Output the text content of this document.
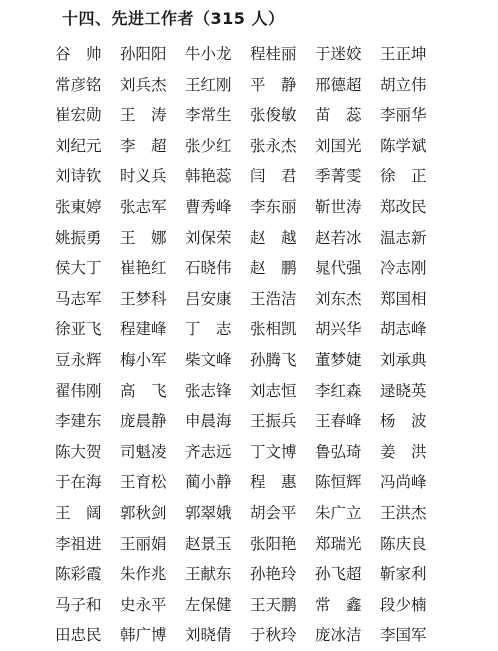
十四、先进工作者（315 人）
谷　帅	孙阳阳	牛小龙	程桂丽	于迷姣	王正坤
常彦铭	刘兵杰	王红刚	平　静	邢德超	胡立伟
崔宏勋	王　涛	李常生	张俊敏	苗　蕊	李丽华
刘纪元	李　超	张少红	张永杰	刘国光	陈学斌
刘诗钦	时义兵	韩艳蕊	闫　君	季菁雯	徐　正
张東婷	张志军	曹秀峰	李东丽	靳世涛	郑改民
姚振勇	王　娜	刘保荣	赵　越	赵若冰	温志新
侯大丁	崔艳红	石晓伟	赵　鹏	晁代强	冷志刚
马志军	王梦科	吕安康	王浩洁	刘东杰	郑国相
徐亚飞	程建峰	丁　志	张相凯	胡兴华	胡志峰
豆永辉	梅小军	柴文峰	孙腾飞	董梦婕	刘承典
翟伟刚	高　飞	张志锋	刘志恒	李红森	逯晓英
李建东	庞晨静	申晨海	王振兵	王春峰	杨　波
陈大贺	司魁凌	齐志远	丁文博	鲁弘琦	姜　洪
于在海	王育松	蔺小静	程　惠	陈恒辉	冯尚峰
王　阔	郭秋剑	郭翠娥	胡会平	朱广立	王洪杰
李祖进	王丽娟	赵景玉	张阳艳	郑瑞光	陈庆良
陈彩霞	朱作兆	王献东	孙艳玲	孙飞超	靳家利
马子和	史永平	左保健	王天鹏	常　鑫	段少楠
田忠民	韩广博	刘晓倩	于秋玲	庞冰洁	李国军
